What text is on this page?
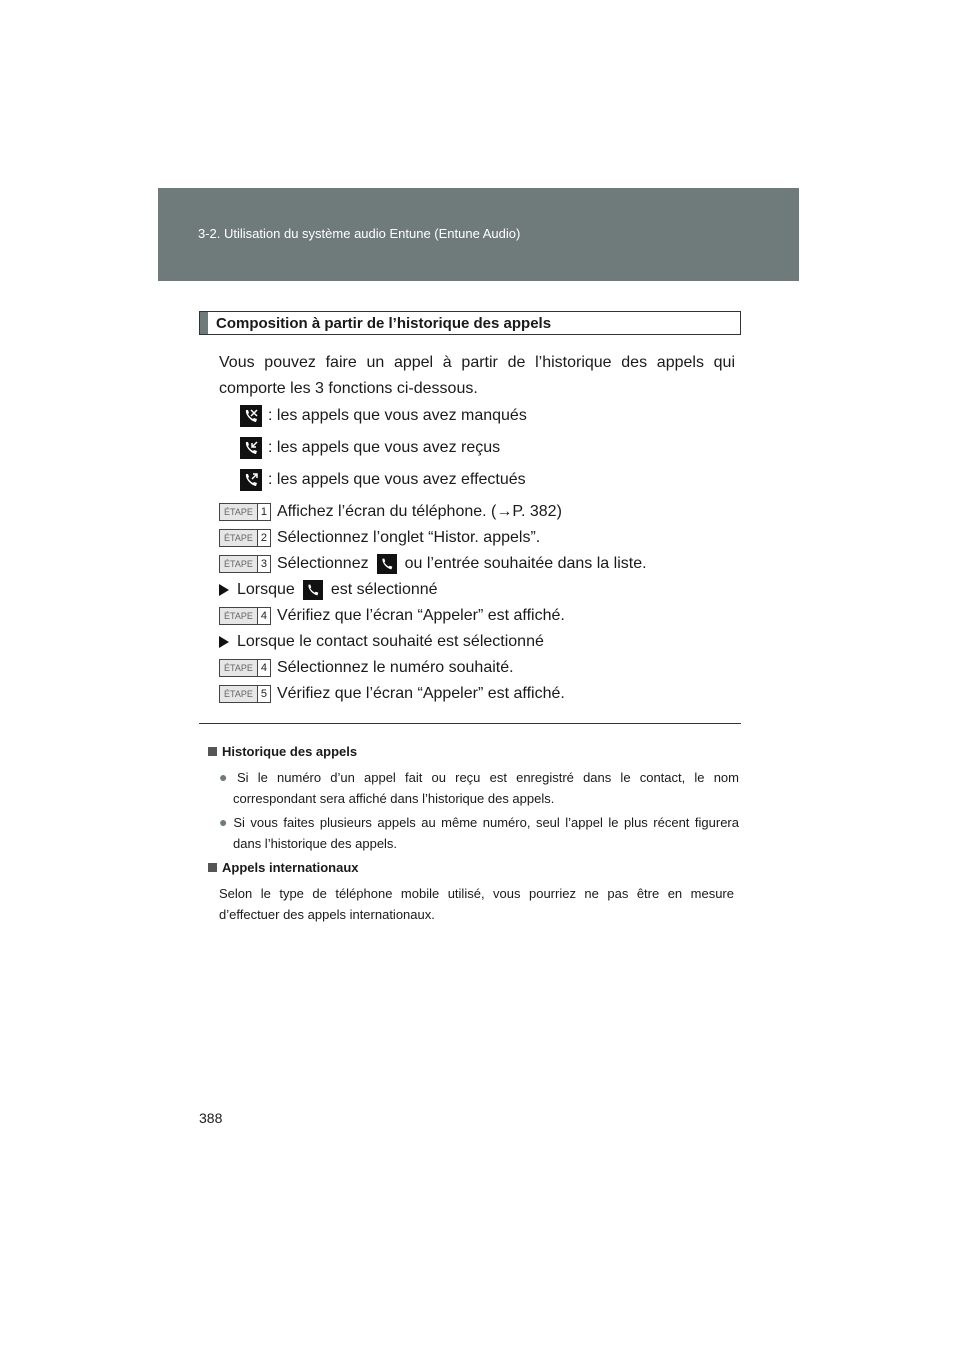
3-2. Utilisation du système audio Entune (Entune Audio)
Composition à partir de l’historique des appels
Vous pouvez faire un appel à partir de l’historique des appels qui comporte les 3 fonctions ci-dessous.
: les appels que vous avez manqués
: les appels que vous avez reçus
: les appels que vous avez effectués
ÉTAPE 1 Affichez l’écran du téléphone. (→P. 382)
ÉTAPE 2 Sélectionnez l’onglet “Histor. appels”.
ÉTAPE 3 Sélectionnez ou l’entrée souhaitée dans la liste.
Lorsque est sélectionné
ÉTAPE 4 Vérifiez que l’écran “Appeler” est affiché.
Lorsque le contact souhaité est sélectionné
ÉTAPE 4 Sélectionnez le numéro souhaité.
ÉTAPE 5 Vérifiez que l’écran “Appeler” est affiché.
Historique des appels
● Si le numéro d’un appel fait ou reçu est enregistré dans le contact, le nom correspondant sera affiché dans l’historique des appels.
● Si vous faites plusieurs appels au même numéro, seul l’appel le plus récent figurera dans l’historique des appels.
Appels internationaux
Selon le type de téléphone mobile utilisé, vous pourriez ne pas être en mesure d’effectuer des appels internationaux.
388
